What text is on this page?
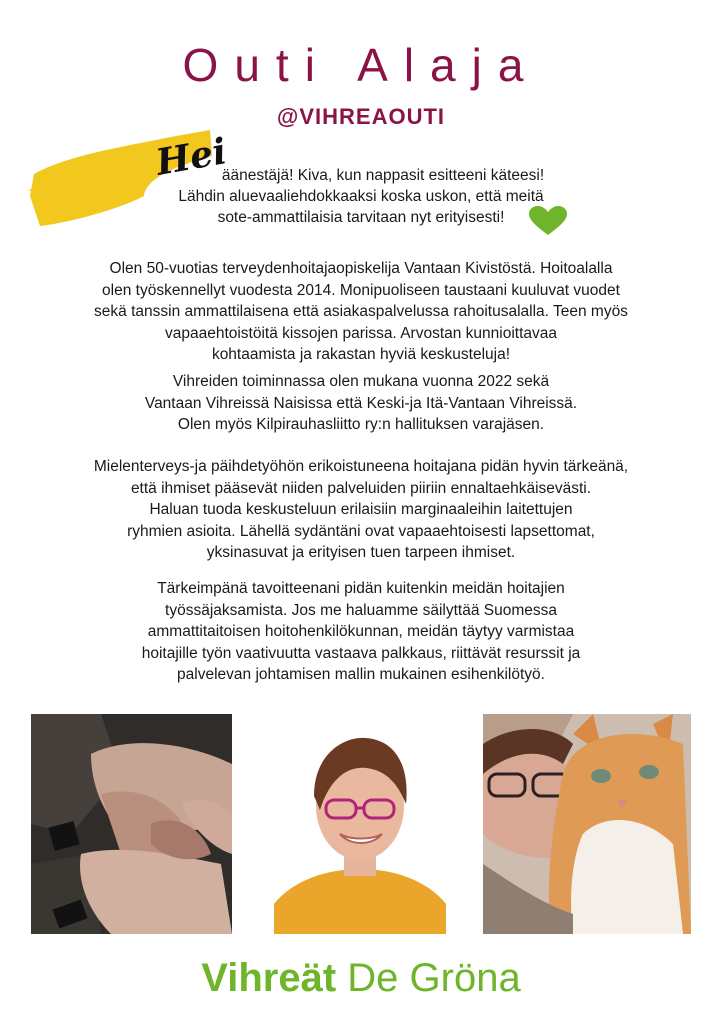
Outi Alaja
@VIHREAOUTI
Hei
äänestäjä! Kiva, kun nappasit esitteeni käteesi!
Lähdin aluevaaliehdokkaaksi koska uskon, että meitä
sote-ammattilaisia tarvitaan nyt erityisesti!
Olen 50-vuotias terveydenhoitajaopiskelija Vantaan Kivistöstä. Hoitoalalla
olen työskennellyt vuodesta 2014. Monipuoliseen taustaani kuuluvat vuodet
sekä tanssin ammattilaisena että asiakaspalvelussa rahoitusalalla. Teen myös
vapaaehtoistöitä kissojen parissa. Arvostan kunnioittavaa
kohtaamista ja rakastan hyviä keskusteluja!
Vihreiden toiminnassa olen mukana vuonna 2022 sekä
Vantaan Vihreissä Naisissa että Keski-ja Itä-Vantaan Vihreissä.
Olen myös Kilpirauhasliitto ry:n hallituksen varajäsen.
Mielenterveys-ja päihdetyöhön erikoistuneena hoitajana pidän hyvin tärkeänä,
että ihmiset pääsevät niiden palveluiden piiriin ennaltaehkäisevästi.
Haluan tuoda keskusteluun erilaisiin marginaaleihin laitettujen
ryhmien asioita. Lähellä sydäntäni ovat vapaaehtoisesti lapsettomat,
yksinasuvat ja erityisen tuen tarpeen ihmiset.
Tärkeimpänä tavoitteenani pidän kuitenkin meidän hoitajien
työssäjaksamista. Jos me haluamme säilyttää Suomessa
ammattitaitoisen hoitohenkilökunnan, meidän täytyy varmistaa
hoitajille työn vaativuutta vastaava palkkaus, riittävät resurssit ja
palvelevan johtamisen mallin mukainen esihenkilötyö.
Vihreät De Gröna
